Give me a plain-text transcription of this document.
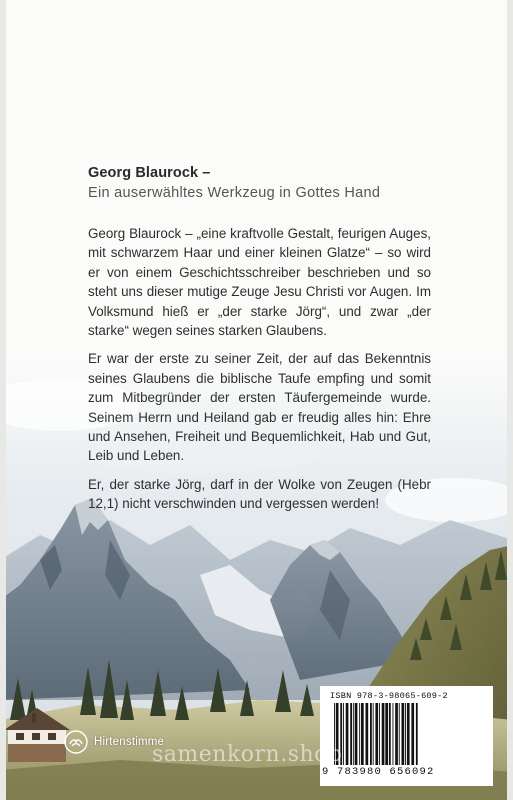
Georg Blaurock –

Ein auserwähltes Werkzeug in Gottes Hand

Georg Blaurock – „eine kraftvolle Gestalt, feurigen Auges, mit schwarzem Haar und einer kleinen Glatze“ – so wird er von einem Geschichtsschreiber beschrieben und so steht uns dieser mutige Zeuge Jesu Christi vor Augen. Im Volksmund hieß er „der starke Jörg“, und zwar „der starke“ wegen seines starken Glaubens.

Er war der erste zu seiner Zeit, der auf das Bekenntnis seines Glaubens die biblische Taufe empfing und somit zum Mitbegründer der ersten Täufergemeinde wurde. Seinem Herrn und Heiland gab er freudig alles hin: Ehre und Ansehen, Freiheit und Bequemlichkeit, Hab und Gut, Leib und Leben.

Er, der starke Jörg, darf in der Wolke von Zeugen (Hebr 12,1) nicht verschwinden und vergessen werden!

Hirtenstimme
ISBN 978-3-98065-609-2
9 783980 656092
samenkorn.shop
